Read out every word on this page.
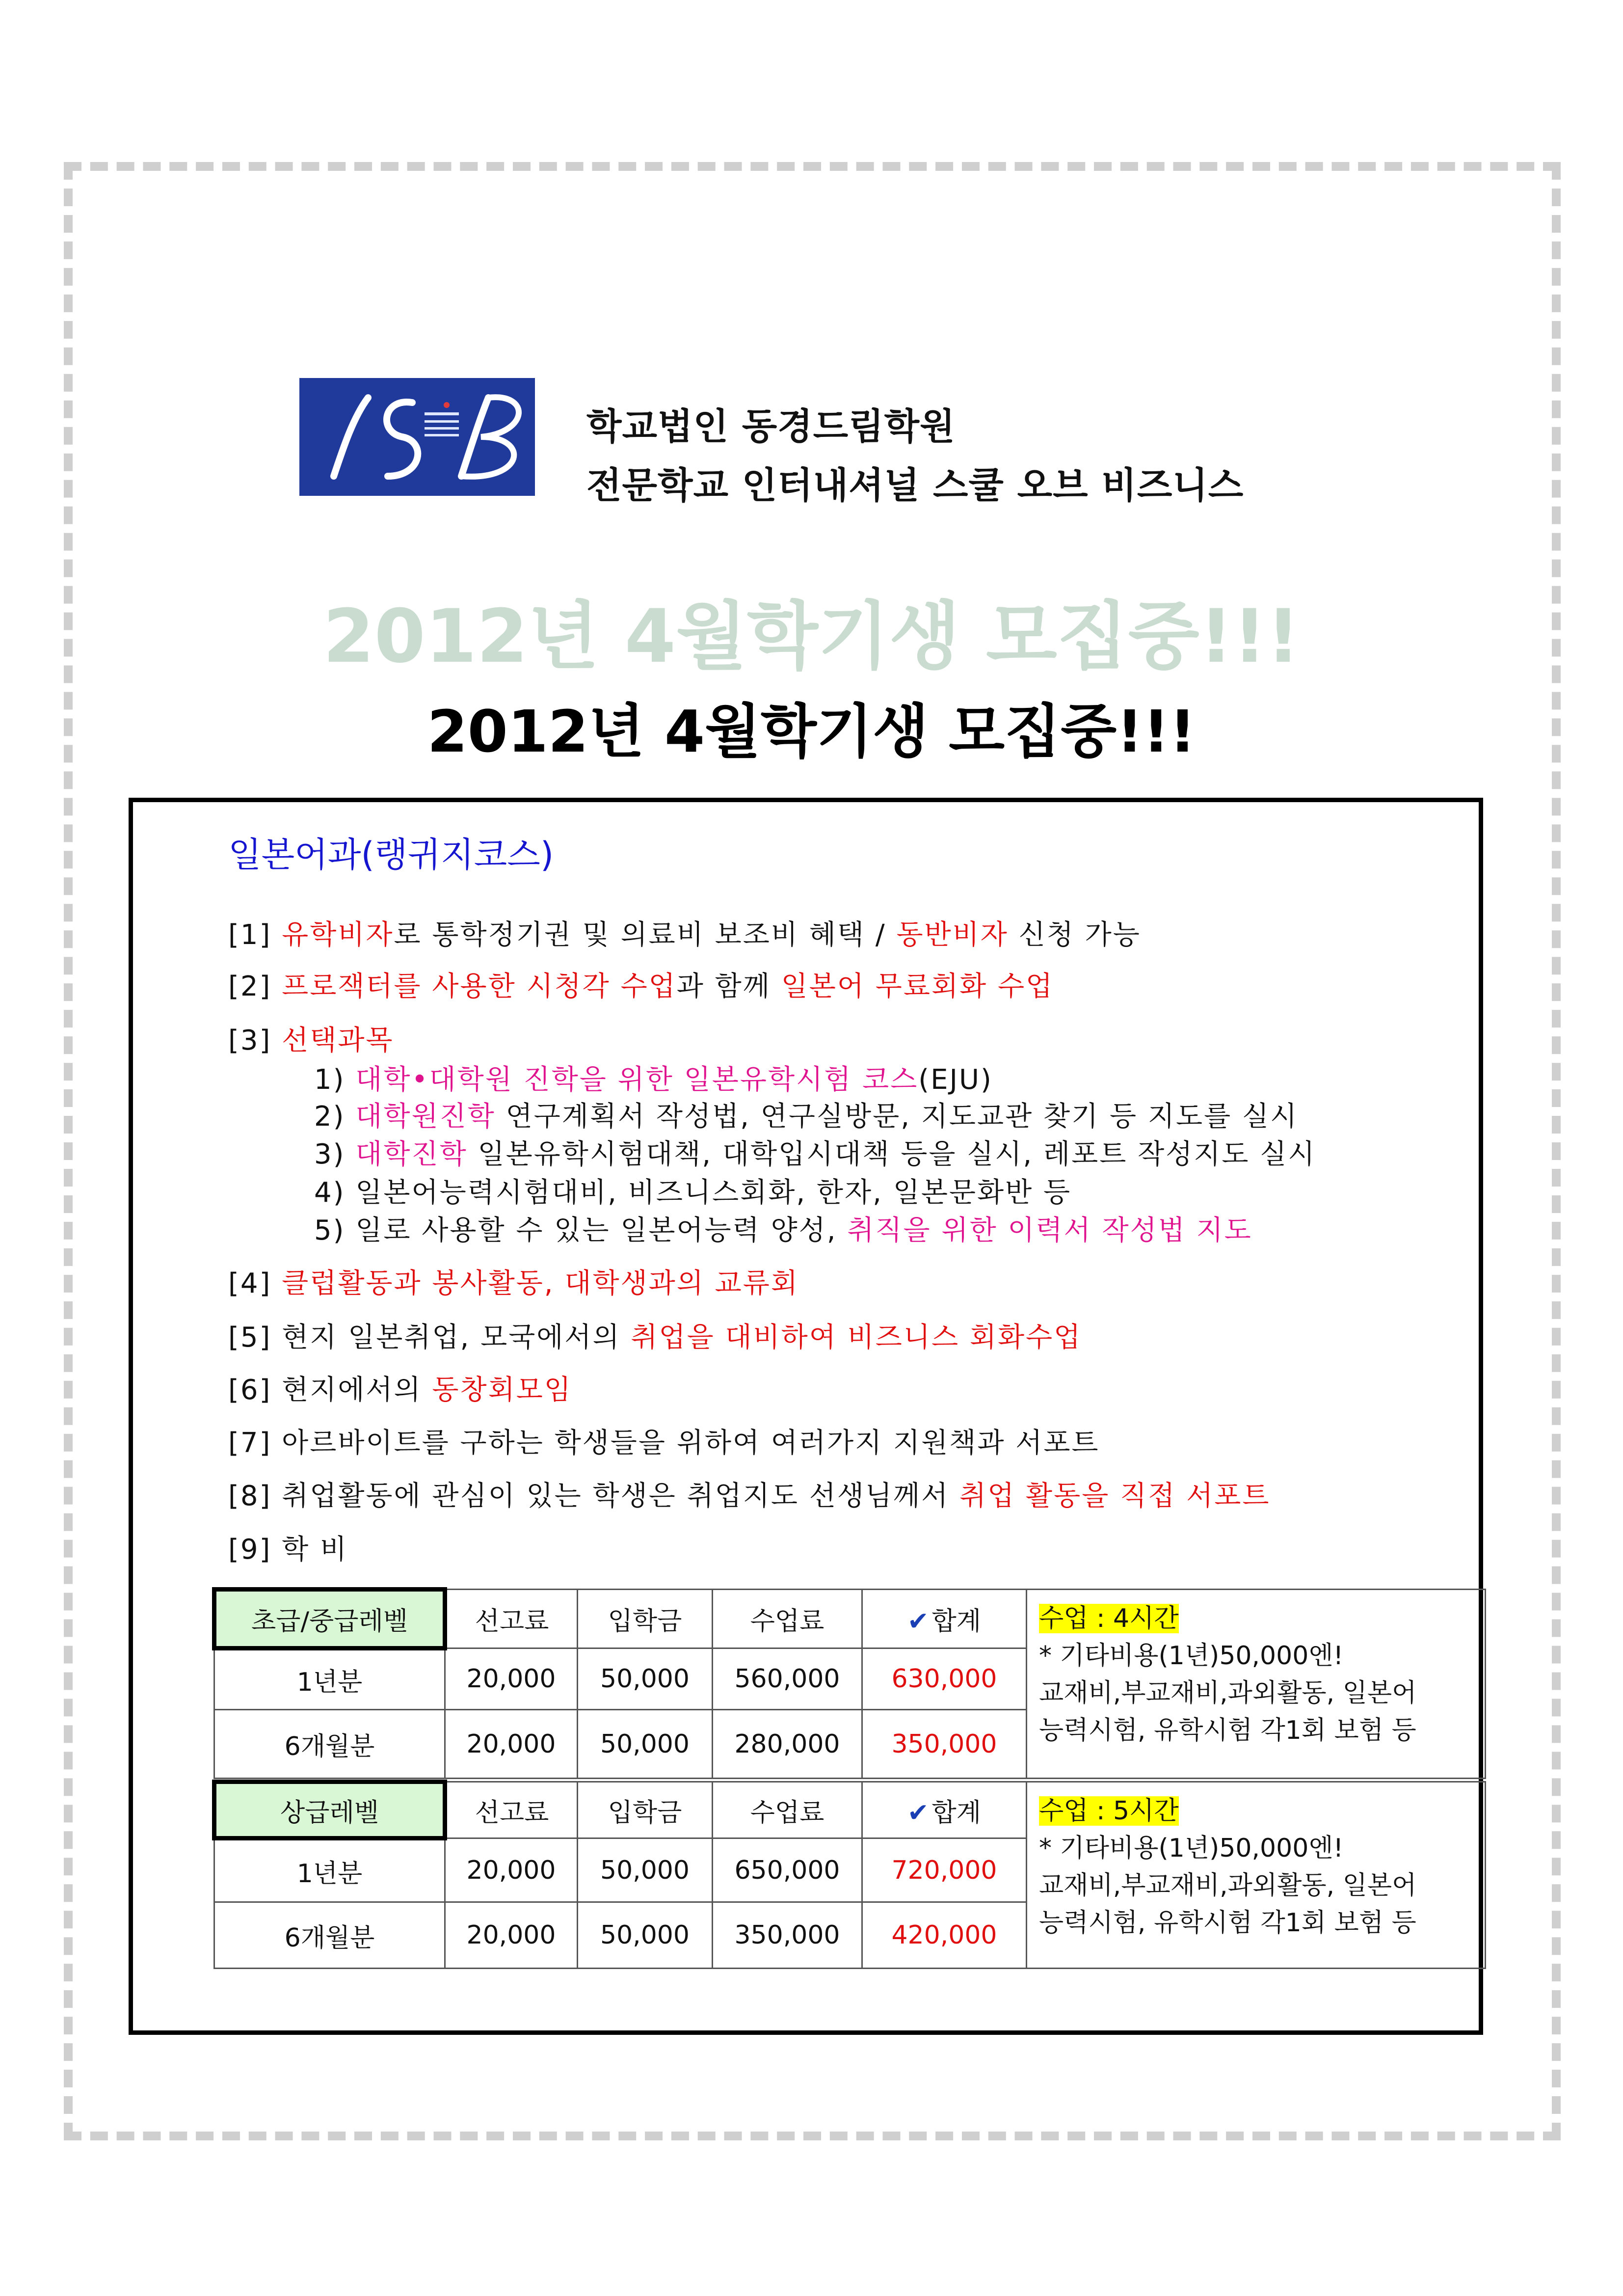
학교법인 동경드림학원
전문학교 인터내셔널 스쿨 오브 비즈니스
2012년 4월학기생 모집중!!!
2012년 4월학기생 모집중!!!
일본어과(랭귀지코스)
[1] 유학비자로 통학정기권 및 의료비 보조비 혜택 / 동반비자 신청 가능
[2] 프로잭터를 사용한 시청각 수업과 함께 일본어 무료회화 수업
[3] 선택과목
1) 대학•대학원 진학을 위한 일본유학시험 코스(EJU)
2) 대학원진학 연구계획서 작성법, 연구실방문, 지도교관 찾기 등 지도를 실시
3) 대학진학 일본유학시험대책, 대학입시대책 등을 실시, 레포트 작성지도 실시
4) 일본어능력시험대비, 비즈니스회화, 한자, 일본문화반 등
5) 일로 사용할 수 있는 일본어능력 양성, 취직을 위한 이력서 작성법 지도
[4] 클럽활동과 봉사활동, 대학생과의 교류회
[5] 현지 일본취업, 모국에서의 취업을 대비하여 비즈니스 회화수업
[6] 현지에서의 동창회모임
[7] 아르바이트를 구하는 학생들을 위하여 여러가지 지원책과 서포트
[8] 취업활동에 관심이 있는 학생은 취업지도 선생님께서 취업 활동을 직접 서포트
[9] 학 비
초급/중급레벨	선고료	입학금	수업료	✔ 합계	수업 : 4시간
* 기타비용(1년)50,000엔!
교재비,부교재비,과외활동, 일본어
능력시험, 유학시험 각1회 보험 등
1년분	20,000	50,000	560,000	630,000	
6개월분	20,000	50,000	280,000	350,000	
상급레벨	선고료	입학금	수업료	✔ 합계	수업 : 5시간
* 기타비용(1년)50,000엔!
교재비,부교재비,과외활동, 일본어
능력시험, 유학시험 각1회 보험 등
1년분	20,000	50,000	650,000	720,000	
6개월분	20,000	50,000	350,000	420,000	
